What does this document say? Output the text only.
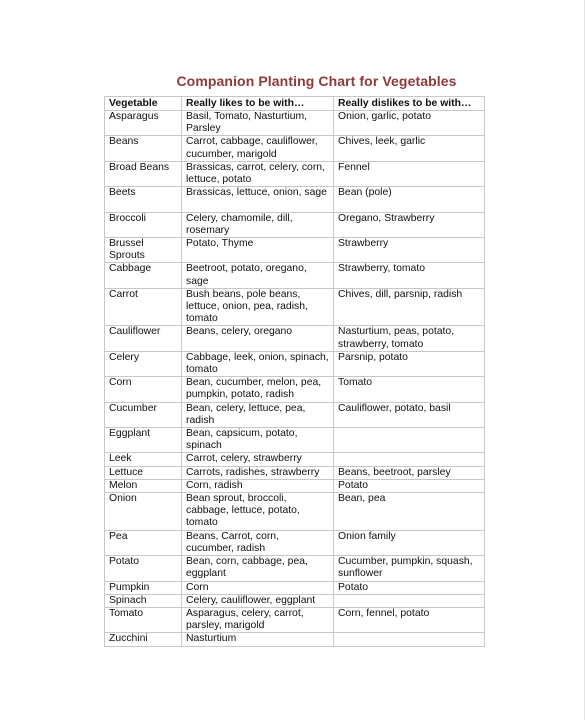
Companion Planting Chart for Vegetables
Vegetable	Really likes to be with…	Really dislikes to be with…
Asparagus	Basil, Tomato, Nasturtium, Parsley	Onion, garlic, potato
Beans	Carrot, cabbage, cauliflower, cucumber, marigold	Chives, leek, garlic
Broad Beans	Brassicas, carrot, celery, corn, lettuce, potato	Fennel
Beets	Brassicas, lettuce, onion, sage	Bean (pole)
Broccoli	Celery, chamomile, dill, rosemary	Oregano, Strawberry
Brussel Sprouts	Potato, Thyme	Strawberry
Cabbage	Beetroot, potato, oregano, sage	Strawberry, tomato
Carrot	Bush beans, pole beans, lettuce, onion, pea, radish, tomato	Chives, dill, parsnip, radish
Cauliflower	Beans, celery, oregano	Nasturtium, peas, potato, strawberry, tomato
Celery	Cabbage, leek, onion, spinach, tomato	Parsnip, potato
Corn	Bean, cucumber, melon, pea, pumpkin, potato, radish	Tomato
Cucumber	Bean, celery, lettuce, pea, radish	Cauliflower, potato, basil
Eggplant	Bean, capsicum, potato, spinach	
Leek	Carrot, celery, strawberry	
Lettuce	Carrots, radishes, strawberry	Beans, beetroot, parsley
Melon	Corn, radish	Potato
Onion	Bean sprout, broccoli, cabbage, lettuce, potato, tomato	Bean, pea
Pea	Beans, Carrot, corn, cucumber, radish	Onion family
Potato	Bean, corn, cabbage, pea, eggplant	Cucumber, pumpkin, squash, sunflower
Pumpkin	Corn	Potato
Spinach	Celery, cauliflower, eggplant	
Tomato	Asparagus, celery, carrot, parsley, marigold	Corn, fennel, potato
Zucchini	Nasturtium	
